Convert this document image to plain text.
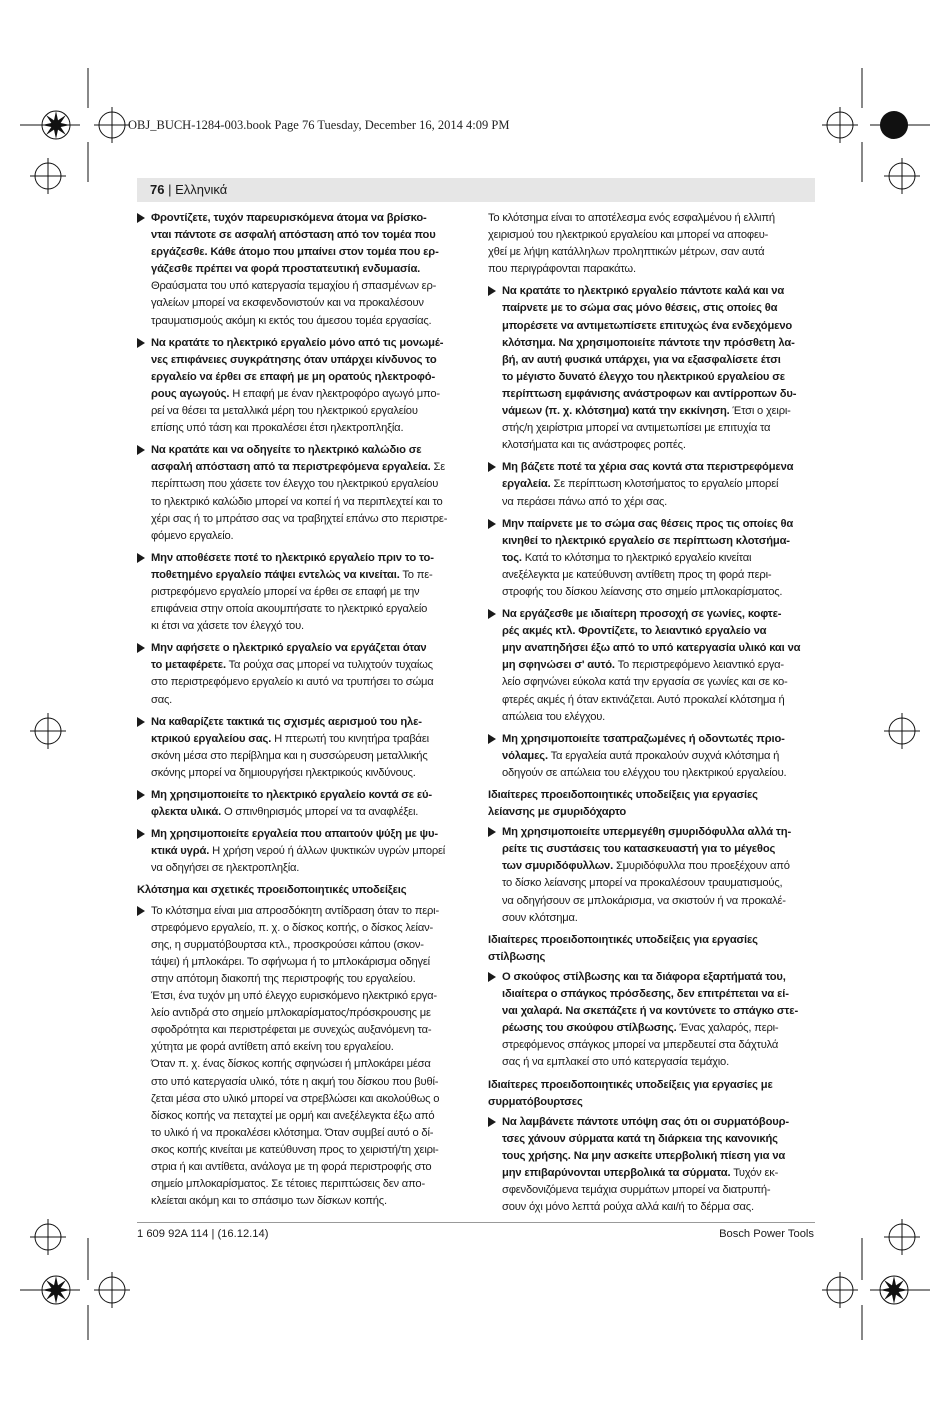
OBJ_BUCH-1284-003.book Page 76 Tuesday, December 16, 2014 4:09 PM
76 | Ελληνικά
Φροντίζετε, τυχόν παρευρισκόμενα άτομα να βρίσκο-
νται πάντοτε σε ασφαλή απόσταση από τον τομέα που
εργάζεσθε. Κάθε άτομο που μπαίνει στον τομέα που ερ-
γάζεσθε πρέπει να φορά προστατευτική ενδυμασία.
Θραύσματα του υπό κατεργασία τεμαχίου ή σπασμένων ερ-
γαλείων μπορεί να εκσφενδονιστούν και να προκαλέσουν
τραυματισμούς ακόμη κι εκτός του άμεσου τομέα εργασίας.
Να κρατάτε το ηλεκτρικό εργαλείο μόνο από τις μονωμέ-
νες επιφάνειες συγκράτησης όταν υπάρχει κίνδυνος το
εργαλείο να έρθει σε επαφή με μη ορατούς ηλεκτροφό-
ρους αγωγούς. Η επαφή με έναν ηλεκτροφόρο αγωγό μπο-
ρεί να θέσει τα μεταλλικά μέρη του ηλεκτρικού εργαλείου
επίσης υπό τάση και προκαλέσει έτσι ηλεκτροπληξία.
Να κρατάτε και να οδηγείτε το ηλεκτρικό καλώδιο σε
ασφαλή απόσταση από τα περιστρεφόμενα εργαλεία. Σε
περίπτωση που χάσετε τον έλεγχο του ηλεκτρικού εργαλείου
το ηλεκτρικό καλώδιο μπορεί να κοπεί ή να περιπλεχτεί και το
χέρι σας ή το μπράτσο σας να τραβηχτεί επάνω στο περιστρε-
φόμενο εργαλείο.
Μην αποθέσετε ποτέ το ηλεκτρικό εργαλείο πριν το το-
ποθετημένο εργαλείο πάψει εντελώς να κινείται. Το πε-
ριστρεφόμενο εργαλείο μπορεί να έρθει σε επαφή με την
επιφάνεια στην οποία ακουμπήσατε το ηλεκτρικό εργαλείο
κι έτσι να χάσετε τον έλεγχό του.
Μην αφήσετε ο ηλεκτρικό εργαλείο να εργάζεται όταν
το μεταφέρετε. Τα ρούχα σας μπορεί να τυλιχτούν τυχαίως
στο περιστρεφόμενο εργαλείο κι αυτό να τρυπήσει το σώμα
σας.
Να καθαρίζετε τακτικά τις σχισμές αερισμού του ηλε-
κτρικού εργαλείου σας. Η πτερωτή του κινητήρα τραβάει
σκόνη μέσα στο περίβλημα και η συσσώρευση μεταλλικής
σκόνης μπορεί να δημιουργήσει ηλεκτρικούς κινδύνους.
Μη χρησιμοποιείτε το ηλεκτρικό εργαλείο κοντά σε εύ-
φλεκτα υλικά. Ο σπινθηρισμός μπορεί να τα αναφλέξει.
Μη χρησιμοποιείτε εργαλεία που απαιτούν ψύξη με ψυ-
κτικά υγρά. Η χρήση νερού ή άλλων ψυκτικών υγρών μπορεί
να οδηγήσει σε ηλεκτροπληξία.
Κλότσημα και σχετικές προειδοποιητικές υποδείξεις
Το κλότσημα είναι μια απροσδόκητη αντίδραση όταν το περι-
στρεφόμενο εργαλείο, π. χ. ο δίσκος κοπής, ο δίσκος λείαν-
σης, η συρματόβουρτσα κτλ., προσκρούσει κάπου (σκον-
τάψει) ή μπλοκάρει. Το σφήνωμα ή το μπλοκάρισμα οδηγεί
στην απότομη διακοπή της περιστροφής του εργαλείου.
Έτσι, ένα τυχόν μη υπό έλεγχο ευρισκόμενο ηλεκτρικό εργα-
λείο αντιδρά στο σημείο μπλοκαρίσματος/πρόσκρουσης με
σφοδρότητα και περιστρέφεται με συνεχώς αυξανόμενη τα-
χύτητα με φορά αντίθετη από εκείνη του εργαλείου.
Όταν π. χ. ένας δίσκος κοπής σφηνώσει ή μπλοκάρει μέσα
στο υπό κατεργασία υλικό, τότε η ακμή του δίσκου που βυθί-
ζεται μέσα στο υλικό μπορεί να στρεβλώσει και ακολούθως ο
δίσκος κοπής να πεταχτεί με ορμή και ανεξέλεγκτα έξω από
το υλικό ή να προκαλέσει κλότσημα. Όταν συμβεί αυτό ο δί-
σκος κοπής κινείται με κατεύθυνση προς το χειριστή/τη χειρι-
στρια ή και αντίθετα, ανάλογα με τη φορά περιστροφής στο
σημείο μπλοκαρίσματος. Σε τέτοιες περιπτώσεις δεν απο-
κλείεται ακόμη και το σπάσιμο των δίσκων κοπής.
Το κλότσημα είναι το αποτέλεσμα ενός εσφαλμένου ή ελλιπή
χειρισμού του ηλεκτρικού εργαλείου και μπορεί να αποφευ-
χθεί με λήψη κατάλληλων προληπτικών μέτρων, σαν αυτά
που περιγράφονται παρακάτω.
Να κρατάτε το ηλεκτρικό εργαλείο πάντοτε καλά και να
παίρνετε με το σώμα σας μόνο θέσεις, στις οποίες θα
μπορέσετε να αντιμετωπίσετε επιτυχώς ένα ενδεχόμενο
κλότσημα. Να χρησιμοποιείτε πάντοτε την πρόσθετη λα-
βή, αν αυτή φυσικά υπάρχει, για να εξασφαλίσετε έτσι
το μέγιστο δυνατό έλεγχο του ηλεκτρικού εργαλείου σε
περίπτωση εμφάνισης ανάστροφων και αντίρροπων δυ-
νάμεων (π. χ. κλότσημα) κατά την εκκίνηση. Έτσι ο χειρι-
στής/η χειρίστρια μπορεί να αντιμετωπίσει με επιτυχία τα
κλοτσήματα και τις ανάστροφες ροπές.
Μη βάζετε ποτέ τα χέρια σας κοντά στα περιστρεφόμενα
εργαλεία. Σε περίπτωση κλοτσήματος το εργαλείο μπορεί
να περάσει πάνω από το χέρι σας.
Μην παίρνετε με το σώμα σας θέσεις προς τις οποίες θα
κινηθεί το ηλεκτρικό εργαλείο σε περίπτωση κλοτσήμα-
τος. Κατά το κλότσημα το ηλεκτρικό εργαλείο κινείται
ανεξέλεγκτα με κατεύθυνση αντίθετη προς τη φορά περι-
στροφής του δίσκου λείανσης στο σημείο μπλοκαρίσματος.
Να εργάζεσθε με ιδιαίτερη προσοχή σε γωνίες, κοφτε-
ρές ακμές κτλ. Φροντίζετε, το λειαντικό εργαλείο να
μην αναπηδήσει έξω από το υπό κατεργασία υλικό και να
μη σφηνώσει σ' αυτό. Το περιστρεφόμενο λειαντικό εργα-
λείο σφηνώνει εύκολα κατά την εργασία σε γωνίες και σε κο-
φτερές ακμές ή όταν εκτινάζεται. Αυτό προκαλεί κλότσημα ή
απώλεια του ελέγχου.
Μη χρησιμοποιείτε τσαπραζωμένες ή οδοντωτές πριο-
νόλαμες. Τα εργαλεία αυτά προκαλούν συχνά κλότσημα ή
οδηγούν σε απώλεια του ελέγχου του ηλεκτρικού εργαλείου.
Ιδιαίτερες προειδοποιητικές υποδείξεις για εργασίες
λείανσης με σμυριδόχαρτο
Μη χρησιμοποιείτε υπερμεγέθη σμυριδόφυλλα αλλά τη-
ρείτε τις συστάσεις του κατασκευαστή για το μέγεθος
των σμυριδόφυλλων. Σμυριδόφυλλα που προεξέχουν από
το δίσκο λείανσης μπορεί να προκαλέσουν τραυματισμούς,
να οδηγήσουν σε μπλοκάρισμα, να σκιστούν ή να προκαλέ-
σουν κλότσημα.
Ιδιαίτερες προειδοποιητικές υποδείξεις για εργασίες
στίλβωσης
Ο σκούφος στίλβωσης και τα διάφορα εξαρτήματά του,
ιδιαίτερα ο σπάγκος πρόσδεσης, δεν επιτρέπεται να εί-
ναι χαλαρά. Να σκεπάζετε ή να κοντύνετε το σπάγκο στε-
ρέωσης του σκούφου στίλβωσης. Ένας χαλαρός, περι-
στρεφόμενος σπάγκος μπορεί να μπερδευτεί στα δάχτυλά
σας ή να εμπλακεί στο υπό κατεργασία τεμάχιο.
Ιδιαίτερες προειδοποιητικές υποδείξεις για εργασίες με
συρματόβουρτσες
Να λαμβάνετε πάντοτε υπόψη σας ότι οι συρματόβουρ-
τσες χάνουν σύρματα κατά τη διάρκεια της κανονικής
τους χρήσης. Να μην ασκείτε υπερβολική πίεση για να
μην επιβαρύνονται υπερβολικά τα σύρματα. Τυχόν εκ-
σφενδονιζόμενα τεμάχια συρμάτων μπορεί να διατρυπή-
σουν όχι μόνο λεπτά ρούχα αλλά και/ή το δέρμα σας.
1 609 92A 114 | (16.12.14)	Bosch Power Tools
